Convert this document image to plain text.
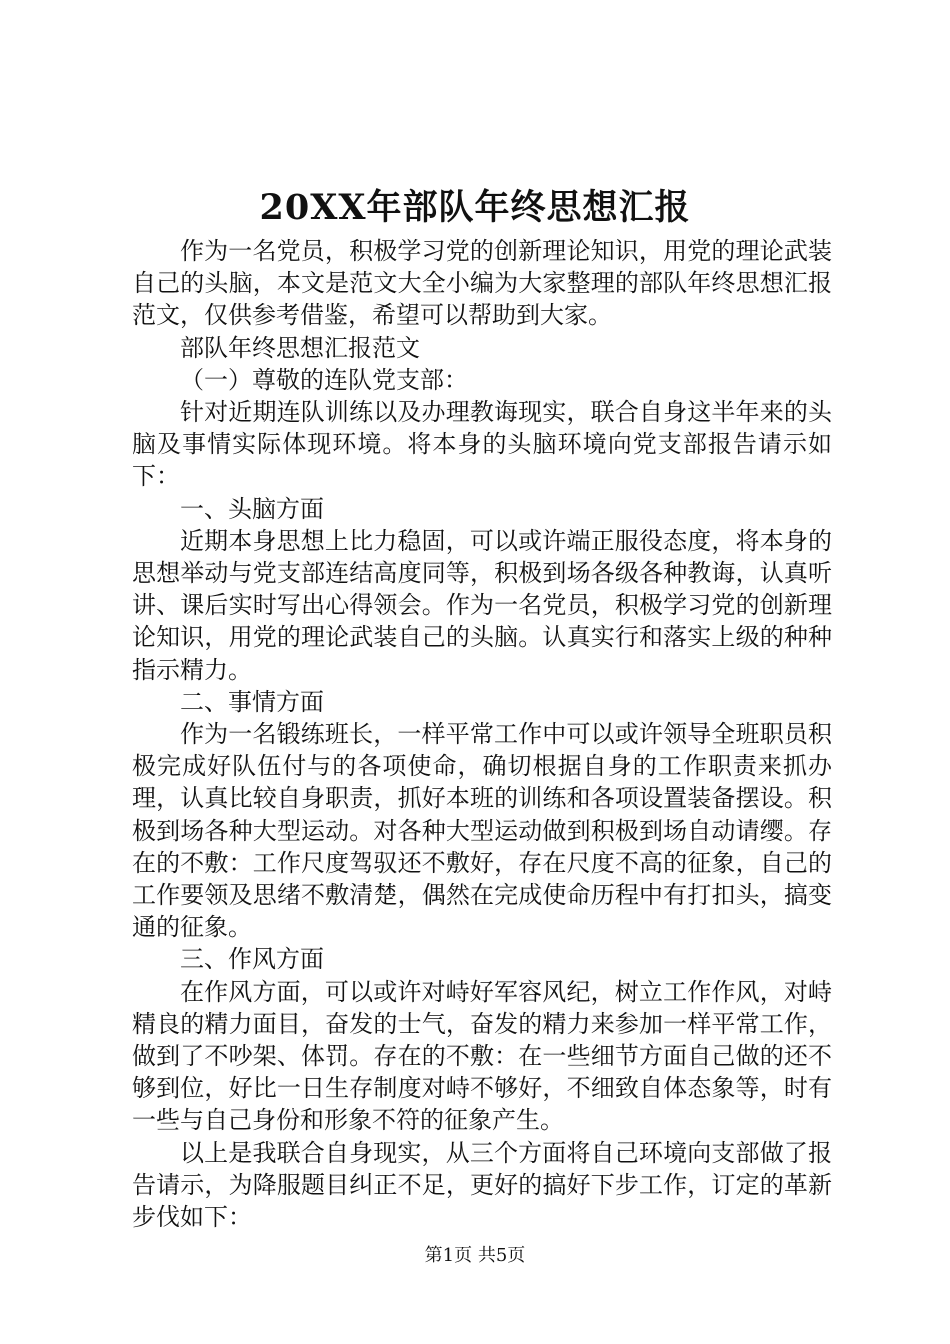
20XX年部队年终思想汇报

作为一名党员，积极学习党的创新理论知识，用党的理论武装自己的头脑，本文是范文大全小编为大家整理的部队年终思想汇报范文，仅供参考借鉴，希望可以帮助到大家。

部队年终思想汇报范文

（一）尊敬的连队党支部：

针对近期连队训练以及办理教诲现实，联合自身这半年来的头脑及事情实际体现环境。将本身的头脑环境向党支部报告请示如下：

一、头脑方面

近期本身思想上比力稳固，可以或许端正服役态度，将本身的思想举动与党支部连结高度同等，积极到场各级各种教诲，认真听讲、课后实时写出心得领会。作为一名党员，积极学习党的创新理论知识，用党的理论武装自己的头脑。认真实行和落实上级的种种指示精力。

二、事情方面

作为一名锻练班长，一样平常工作中可以或许领导全班职员积极完成好队伍付与的各项使命，确切根据自身的工作职责来抓办理，认真比较自身职责，抓好本班的训练和各项设置装备摆设。积极到场各种大型运动。对各种大型运动做到积极到场自动请缨。存在的不敷：工作尺度驾驭还不敷好，存在尺度不高的征象，自己的工作要领及思绪不敷清楚，偶然在完成使命历程中有打扣头，搞变通的征象。

三、作风方面

在作风方面，可以或许对峙好军容风纪，树立工作作风，对峙精良的精力面目，奋发的士气，奋发的精力来参加一样平常工作，做到了不吵架、体罚。存在的不敷：在一些细节方面自己做的还不够到位，好比一日生存制度对峙不够好，不细致自体态象等，时有一些与自己身份和形象不符的征象产生。

以上是我联合自身现实，从三个方面将自己环境向支部做了报告请示，为降服题目纠正不足，更好的搞好下步工作，订定的革新步伐如下：

第1页 共5页
